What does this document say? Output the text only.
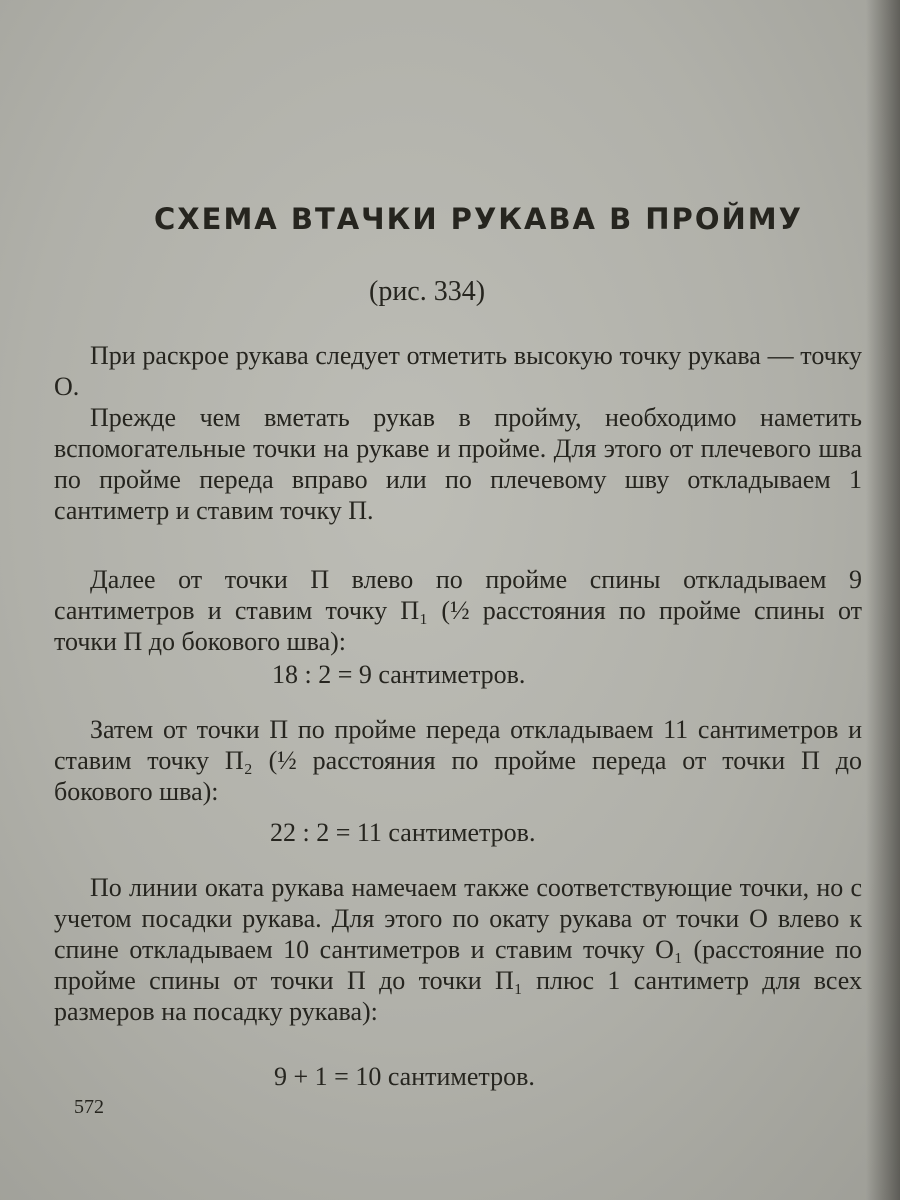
СХЕМА ВТАЧКИ РУКАВА В ПРОЙМУ
(рис. 334)

При раскрое рукава следует отметить высокую точку рукава — точку О.

Прежде чем вметать рукав в пройму, необходимо наметить вспомогательные точки на рукаве и пройме. Для этого от плечевого шва по пройме переда вправо или по плечевому шву откладываем 1 сантиметр и ставим точку П.

Далее от точки П влево по пройме спины откладываем 9 сантиметров и ставим точку П₁ (½ расстояния по пройме спины от точки П до бокового шва):

18 : 2 = 9 сантиметров.

Затем от точки П по пройме переда откладываем 11 сантиметров и ставим точку П₂ (½ расстояния по пройме переда от точки П до бокового шва):

22 : 2 = 11 сантиметров.

По линии оката рукава намечаем также соответствующие точки, но с учетом посадки рукава. Для этого по окату рукава от точки О влево к спине откладываем 10 сантиметров и ставим точку О₁ (расстояние по пройме спины от точки П до точки П₁ плюс 1 сантиметр для всех размеров на посадку рукава):

9 + 1 = 10 сантиметров.
572
